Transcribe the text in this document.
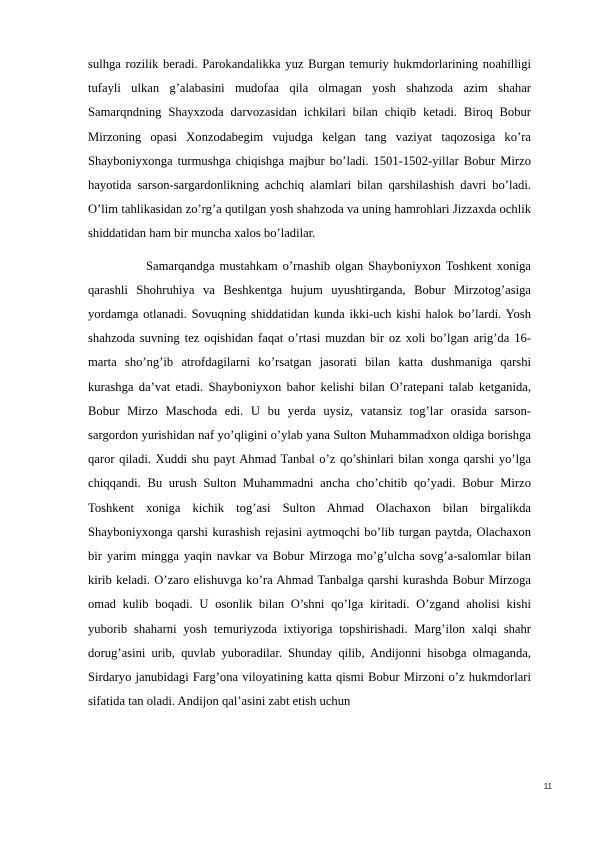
sulhga rozilik beradi. Parokandalikka yuz Burgan temuriy hukmdorlarining noahilligi tufayli ulkan g’alabasini mudofaa qila olmagan yosh shahzoda azim shahar Samarqndning Shayxzoda darvozasidan ichkilari bilan chiqib ketadi. Biroq Bobur Mirzoning opasi Xonzodabegim vujudga kelgan tang vaziyat taqozosiga ko’ra Shayboniyxonga turmushga chiqishga majbur bo’ladi. 1501-1502-yillar Bobur Mirzo hayotida sarson-sargardonlikning achchiq alamlari bilan qarshilashish davri bo’ladi. O’lim tahlikasidan zo’rg’a qutilgan yosh shahzoda va uning hamrohlari Jizzaxda ochlik shiddatidan ham bir muncha xalos bo’ladilar.

Samarqandga mustahkam o’rnashib olgan Shayboniyxon Toshkent xoniga qarashli Shohruhiya va Beshkentga hujum uyushtirganda, Bobur Mirzotog’asiga yordamga otlanadi. Sovuqning shiddatidan kunda ikki-uch kishi halok bo’lardi. Yosh shahzoda suvning tez oqishidan faqat o’rtasi muzdan bir oz xoli bo’lgan arig’da 16-marta sho’ng’ib atrofdagilarni ko’rsatgan jasorati bilan katta dushmaniga qarshi kurashga da’vat etadi. Shayboniyxon bahor kelishi bilan O’ratepani talab ketganida, Bobur Mirzo Maschoda edi. U bu yerda uysiz, vatansiz tog’lar orasida sarson-sargordon yurishidan naf yo’qligini o’ylab yana Sulton Muhammadxon oldiga borishga qaror qiladi. Xuddi shu payt Ahmad Tanbal o’z qo’shinlari bilan xonga qarshi yo’lga chiqqandi. Bu urush Sulton Muhammadni ancha cho’chitib qo’yadi. Bobur Mirzo Toshkent xoniga kichik tog’asi Sulton Ahmad Olachaxon bilan birgalikda Shayboniyxonga qarshi kurashish rejasini aytmoqchi bo’lib turgan paytda, Olachaxon bir yarim mingga yaqin navkar va Bobur Mirzoga mo’g’ulcha sovg’a-salomlar bilan kirib keladi. O’zaro elishuvga ko’ra Ahmad Tanbalga qarshi kurashda Bobur Mirzoga omad kulib boqadi. U osonlik bilan O’shni qo’lga kiritadi. O’zgand aholisi kishi yuborib shaharni yosh temuriyzoda ixtiyoriga topshirishadi. Marg’ilon xalqi shahr dorug’asini urib, quvlab yuboradilar. Shunday qilib, Andijonni hisobga olmaganda, Sirdaryo janubidagi Farg’ona viloyatining katta qismi Bobur Mirzoni o’z hukmdorlari sifatida tan oladi. Andijon qal’asini zabt etish uchun

11
